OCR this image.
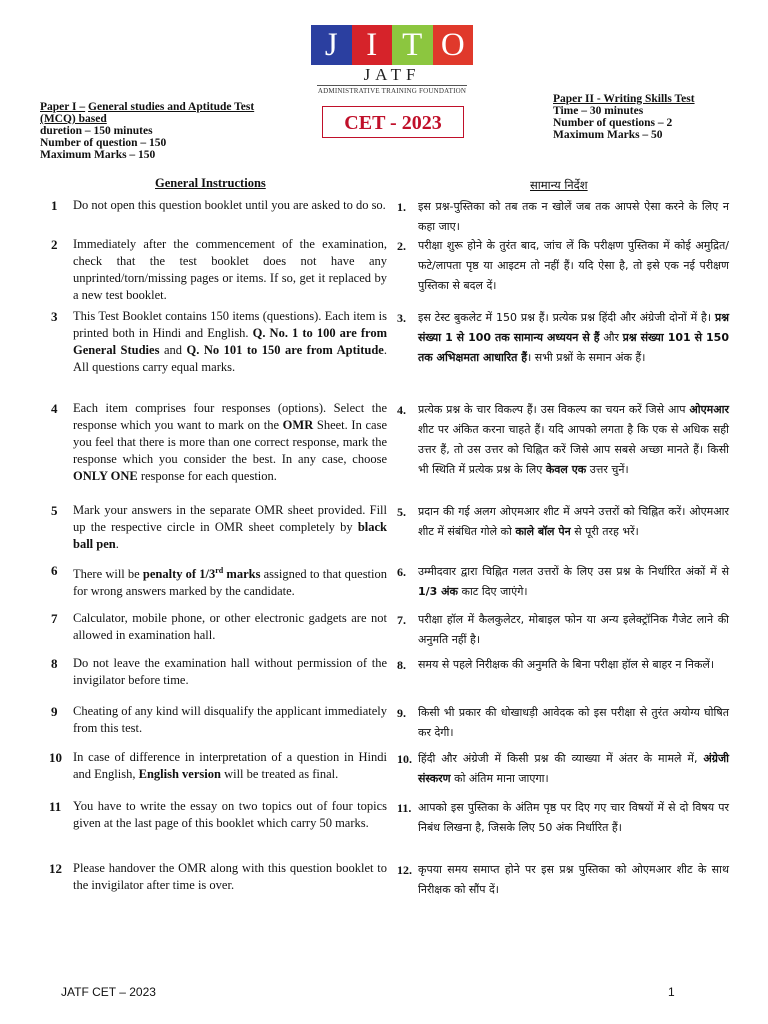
J I T O
JATF
ADMINISTRATIVE TRAINING FOUNDATION
Paper I – General studies and Aptitude Test (MCQ) based
duretion – 150 minutes
Number of question – 150
Maximum Marks – 150
CET - 2023
Paper II - Writing Skills Test
Time – 30 minutes
Number of questions – 2
Maximum Marks – 50
General Instructions	सामान्य निर्देश
1 Do not open this question booklet until you are asked to do so.
2 Immediately after the commencement of the examination, check that the test booklet does not have any unprinted/torn/missing pages or items. If so, get it replaced by a new test booklet.
3 This Test Booklet contains 150 items (questions). Each item is printed both in Hindi and English. Q. No. 1 to 100 are from General Studies and Q. No 101 to 150 are from Aptitude. All questions carry equal marks.
4 Each item comprises four responses (options). Select the response which you want to mark on the OMR Sheet. In case you feel that there is more than one correct response, mark the response which you consider the best. In any case, choose ONLY ONE response for each question.
5 Mark your answers in the separate OMR sheet provided. Fill up the respective circle in OMR sheet completely by black ball pen.
6 There will be penalty of 1/3rd marks assigned to that question for wrong answers marked by the candidate.
7 Calculator, mobile phone, or other electronic gadgets are not allowed in examination hall.
8 Do not leave the examination hall without permission of the invigilator before time.
9 Cheating of any kind will disqualify the applicant immediately from this test.
10 In case of difference in interpretation of a question in Hindi and English, English version will be treated as final.
11 You have to write the essay on two topics out of four topics given at the last page of this booklet which carry 50 marks.
12 Please handover the OMR along with this question booklet to the invigilator after time is over.
1. इस प्रश्न-पुस्तिका को तब तक न खोलें जब तक आपसे ऐसा करने के लिए न कहा जाए।
2. परीक्षा शुरू होने के तुरंत बाद, जांच लें कि परीक्षण पुस्तिका में कोई अमुद्रित/फटे/लापता पृष्ठ या आइटम तो नहीं हैं। यदि ऐसा है, तो इसे एक नई परीक्षण पुस्तिका से बदल दें।
3. इस टेस्ट बुकलेट में 150 प्रश्न हैं। प्रत्येक प्रश्न हिंदी और अंग्रेजी दोनों में है। प्रश्न संख्या 1 से 100 तक सामान्य अध्ययन से हैं और प्रश्न संख्या 101 से 150 तक अभिक्षमता आधारित हैं। सभी प्रश्नों के समान अंक हैं।
4. प्रत्येक प्रश्न के चार विकल्प हैं। उस विकल्प का चयन करें जिसे आप ओएमआर शीट पर अंकित करना चाहते हैं। यदि आपको लगता है कि एक से अधिक सही उत्तर हैं, तो उस उत्तर को चिह्नित करें जिसे आप सबसे अच्छा मानते हैं। किसी भी स्थिति में प्रत्येक प्रश्न के लिए केवल एक उत्तर चुनें।
5. प्रदान की गई अलग ओएमआर शीट में अपने उत्तरों को चिह्नित करें। ओएमआर शीट में संबंधित गोले को काले बॉल पेन से पूरी तरह भरें।
6. उम्मीदवार द्वारा चिह्नित गलत उत्तरों के लिए उस प्रश्न के निर्धारित अंकों में से 1/3 अंक काट दिए जाएंगे।
7. परीक्षा हॉल में कैलकुलेटर, मोबाइल फोन या अन्य इलेक्ट्रॉनिक गैजेट लाने की अनुमति नहीं है।
8. समय से पहले निरीक्षक की अनुमति के बिना परीक्षा हॉल से बाहर न निकलें।
9. किसी भी प्रकार की धोखाधड़ी आवेदक को इस परीक्षा से तुरंत अयोग्य घोषित कर देगी।
10. हिंदी और अंग्रेजी में किसी प्रश्न की व्याख्या में अंतर के मामले में, अंग्रेजी संस्करण को अंतिम माना जाएगा।
11. आपको इस पुस्तिका के अंतिम पृष्ठ पर दिए गए चार विषयों में से दो विषय पर निबंध लिखना है, जिसके लिए 50 अंक निर्धारित हैं।
12. कृपया समय समाप्त होने पर इस प्रश्न पुस्तिका को ओएमआर शीट के साथ निरीक्षक को सौंप दें।
JATF CET – 2023	1
